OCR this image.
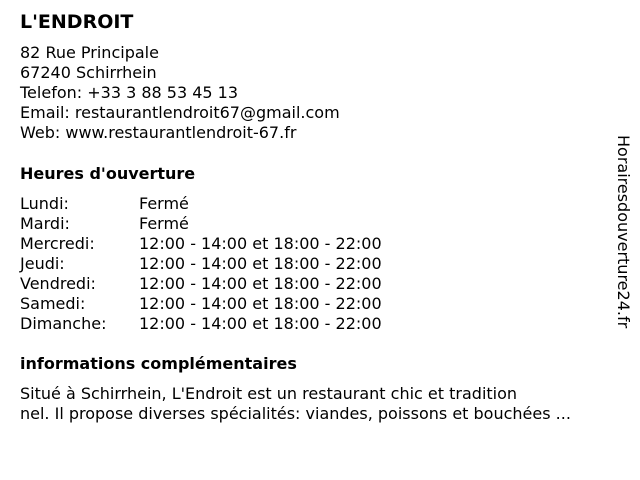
L'ENDROIT
82 Rue Principale
67240 Schirrhein
Telefon: +33 3 88 53 45 13
Email: restaurantlendroit67@gmail.com
Web: www.restaurantlendroit-67.fr
Heures d'ouverture
Lundi:	Fermé
Mardi:	Fermé
Mercredi:	12:00 - 14:00 et 18:00 - 22:00
Jeudi:	12:00 - 14:00 et 18:00 - 22:00
Vendredi:	12:00 - 14:00 et 18:00 - 22:00
Samedi:	12:00 - 14:00 et 18:00 - 22:00
Dimanche:	12:00 - 14:00 et 18:00 - 22:00
informations complémentaires

Situé à Schirrhein, L'Endroit est un restaurant chic et tradition
nel. Il propose diverses spécialités: viandes, poissons et bouchées ...

Horairesdouverture24.fr
